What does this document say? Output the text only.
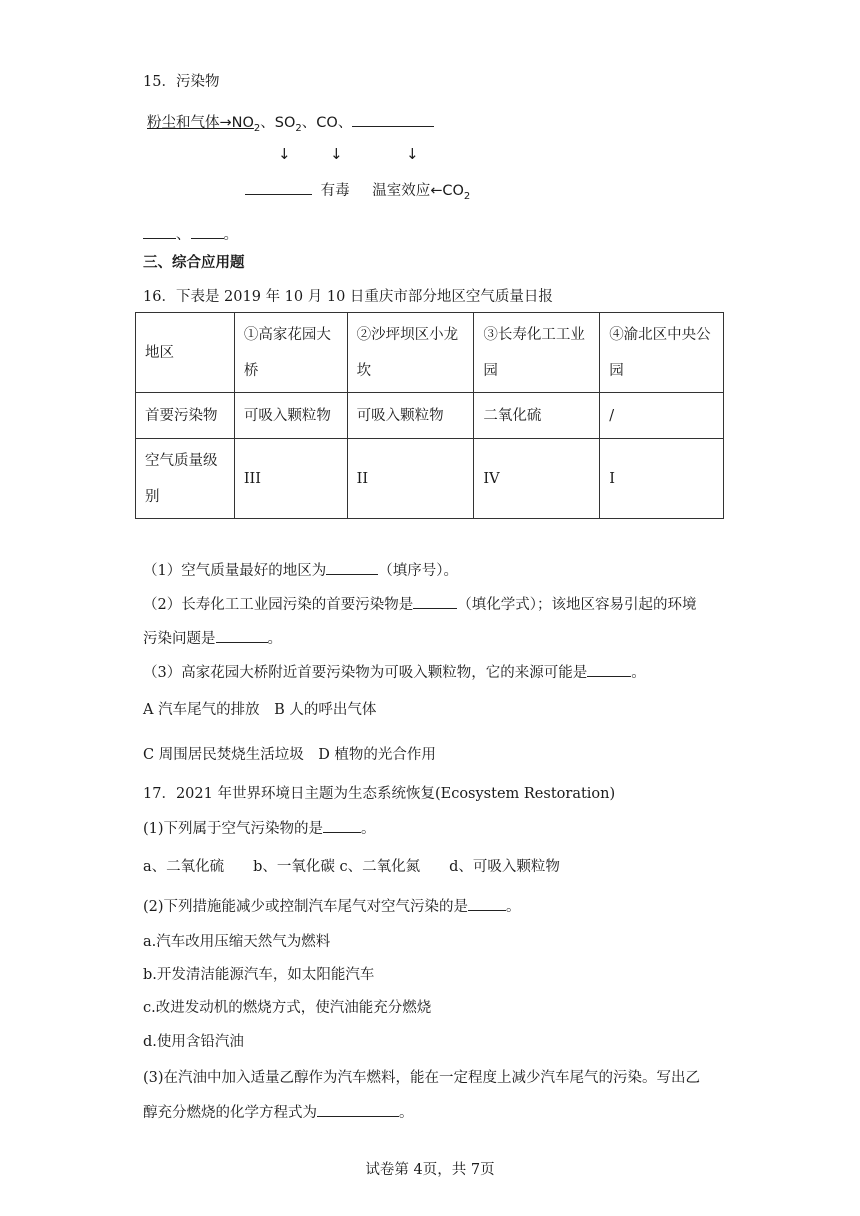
15．污染物
粉尘和气体$\to NO_2$、$SO_2$、CO、
↓	↓	↓
有毒 温室效应$\leftarrow CO_2$
、 。
三、综合应用题
16．下表是 2019 年 10 月 10 日重庆市部分地区空气质量日报
地区	①高家花园大桥	②沙坪坝区小龙坎	③长寿化工工业园	④渝北区中央公园
首要污染物	可吸入颗粒物	可吸入颗粒物	二氧化硫	/
空气质量级别	III	II	IV	I
（1）空气质量最好的地区为	（填序号）。
（2）长寿化工工业园污染的首要污染物是	（填化学式）；该地区容易引起的环境
污染问题是	。
（3）高家花园大桥附近首要污染物为可吸入颗粒物，它的来源可能是	。
A 汽车尾气的排放　B 人的呼出气体
C 周围居民焚烧生活垃圾　D 植物的光合作用
17．2021 年世界环境日主题为生态系统恢复(Ecosystem Restoration)
(1)下列属于空气污染物的是	。
a、二氧化硫　　b、一氧化碳 c、二氧化氮　　d、可吸入颗粒物
(2)下列措施能减少或控制汽车尾气对空气污染的是	。
a.汽车改用压缩天然气为燃料
b.开发清洁能源汽车，如太阳能汽车
c.改进发动机的燃烧方式，使汽油能充分燃烧
d.使用含铅汽油
(3)在汽油中加入适量乙醇作为汽车燃料，能在一定程度上减少汽车尾气的污染。写出乙
醇充分燃烧的化学方程式为	。
试卷第 4页，共 7页
